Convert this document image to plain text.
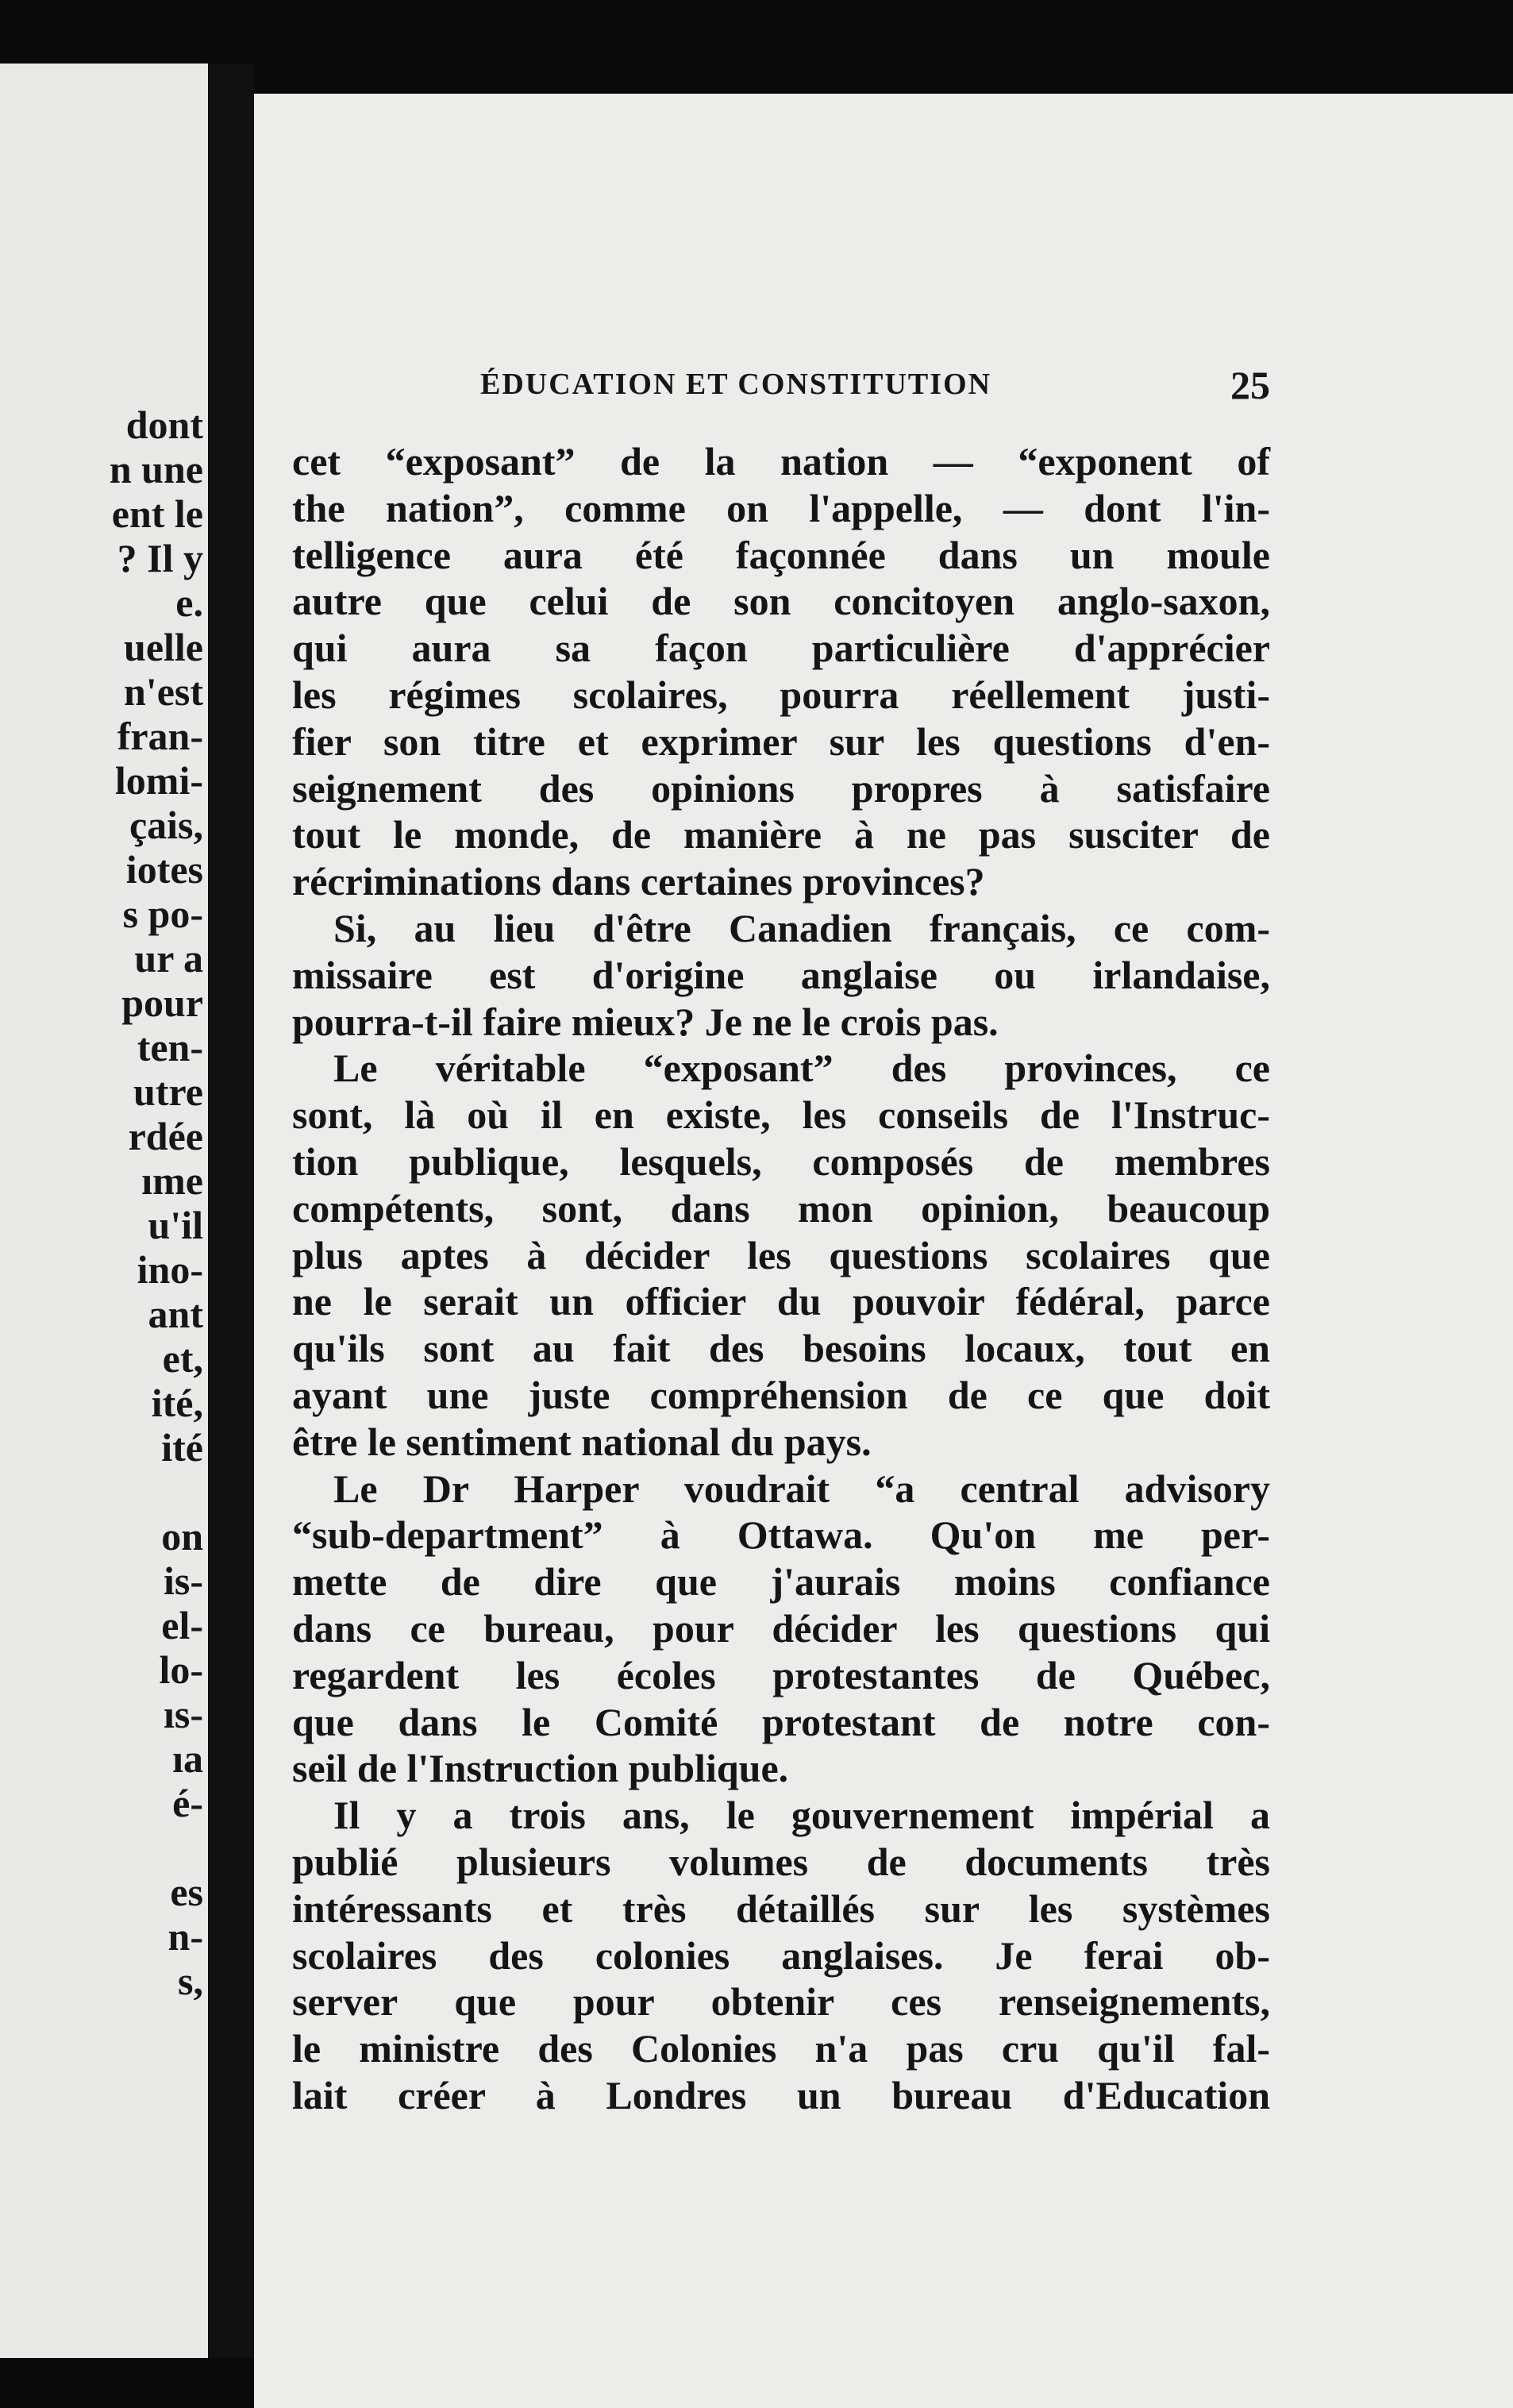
dont
n une
ent le
? Il y
e.
uelle
n'est
fran-
lomi-
çais,
iotes
s po-
ur a
pour
ten-
utre
rdée
ıme
u'il
ino-
ant
et,
ité,
ité
on
is-
el-
lo-
ıs-
ıa
é-
es
n-
s,
ÉDUCATION ET CONSTITUTION	25
cet “exposant” de la nation — “exponent of
the nation”, comme on l'appelle, — dont l'in-
telligence aura été façonnée dans un moule
autre que celui de son concitoyen anglo-saxon,
qui aura sa façon particulière d'apprécier
les régimes scolaires, pourra réellement justi-
fier son titre et exprimer sur les questions d'en-
seignement des opinions propres à satisfaire
tout le monde, de manière à ne pas susciter de
récriminations dans certaines provinces?
Si, au lieu d'être Canadien français, ce com-
missaire est d'origine anglaise ou irlandaise,
pourra-t-il faire mieux? Je ne le crois pas.
Le véritable “exposant” des provinces, ce
sont, là où il en existe, les conseils de l'Instruc-
tion publique, lesquels, composés de membres
compétents, sont, dans mon opinion, beaucoup
plus aptes à décider les questions scolaires que
ne le serait un officier du pouvoir fédéral, parce
qu'ils sont au fait des besoins locaux, tout en
ayant une juste compréhension de ce que doit
être le sentiment national du pays.
Le Dr Harper voudrait “a central advisory
“sub-department” à Ottawa. Qu'on me per-
mette de dire que j'aurais moins confiance
dans ce bureau, pour décider les questions qui
regardent les écoles protestantes de Québec,
que dans le Comité protestant de notre con-
seil de l'Instruction publique.
Il y a trois ans, le gouvernement impérial a
publié plusieurs volumes de documents très
intéressants et très détaillés sur les systèmes
scolaires des colonies anglaises. Je ferai ob-
server que pour obtenir ces renseignements,
le ministre des Colonies n'a pas cru qu'il fal-
lait créer à Londres un bureau d'Education
